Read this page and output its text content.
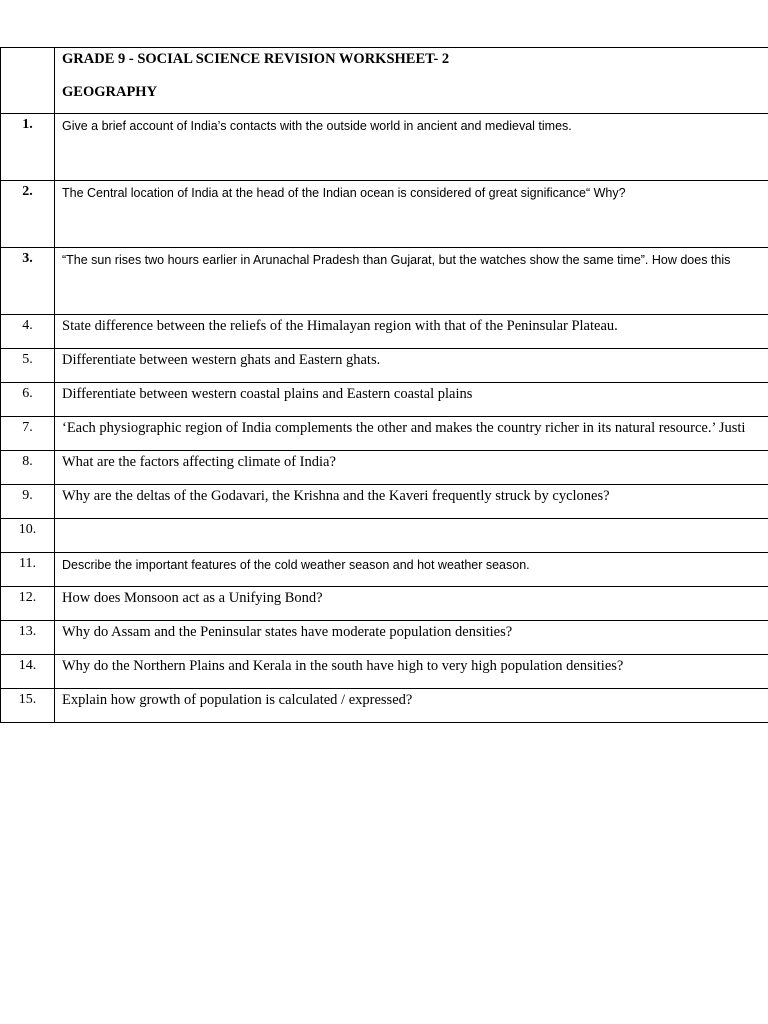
GRADE 9 - SOCIAL SCIENCE REVISION WORKSHEET- 2
GEOGRAPHY
1.	Give a brief account of India’s contacts with the outside world in ancient and medieval times.
2.	The Central location of India at the head of the Indian ocean is considered of great significance“ Why?
3.	“The sun rises two hours earlier in Arunachal Pradesh than Gujarat, but the watches show the same time”. How does this
4.	State difference between the reliefs of the Himalayan region with that of the Peninsular Plateau.
5.	Differentiate between western ghats and Eastern ghats.
6.	Differentiate between western coastal plains and Eastern coastal plains
7.	‘Each physiographic region of India complements the other and makes the country richer in its natural resource.’ Justi
8.	What are the factors affecting climate of India?
9.	Why are the deltas of the Godavari, the Krishna and the Kaveri frequently struck by cyclones?
10.
11.	Describe the important features of the cold weather season and hot weather season.
12.	How does Monsoon act as a Unifying Bond?
13.	Why do Assam and the Peninsular states have moderate population densities?
14.	Why do the Northern Plains and Kerala in the south have high to very high population densities?
15.	Explain how growth of population is calculated / expressed?
